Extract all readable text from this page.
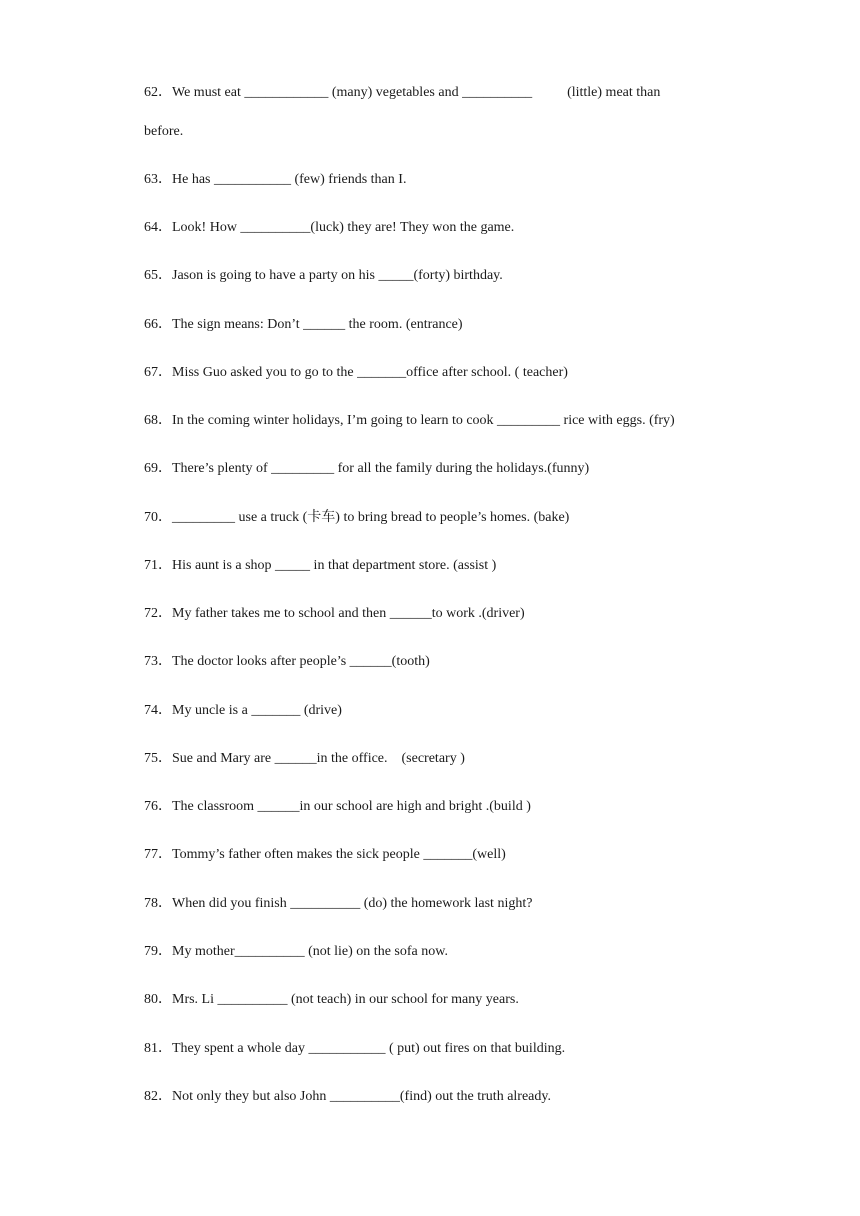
62．We must eat ____________ (many) vegetables and __________          (little) meat than
before.
63．He has ___________ (few) friends than I.
64．Look! How __________(luck) they are! They won the game.
65．Jason is going to have a party on his _____(forty) birthday.
66．The sign means: Don’t ______ the room. (entrance)
67．Miss Guo asked you to go to the _______office after school. ( teacher)
68．In the coming winter holidays, I’m going to learn to cook _________ rice with eggs. (fry)
69．There’s plenty of _________ for all the family during the holidays.(funny)
70．_________ use a truck (卡车) to bring bread to people’s homes. (bake)
71．His aunt is a shop _____ in that department store. (assist )
72．My father takes me to school and then ______to work .(driver)
73．The doctor looks after people’s ______(tooth)
74．My uncle is a _______ (drive)
75．Sue and Mary are ______in the office.    (secretary )
76．The classroom ______in our school are high and bright .(build )
77．Tommy’s father often makes the sick people _______(well)
78．When did you finish __________ (do) the homework last night?
79．My mother__________ (not lie) on the sofa now.
80．Mrs. Li __________ (not teach) in our school for many years.
81．They spent a whole day ___________ ( put) out fires on that building.
82．Not only they but also John __________(find) out the truth already.
